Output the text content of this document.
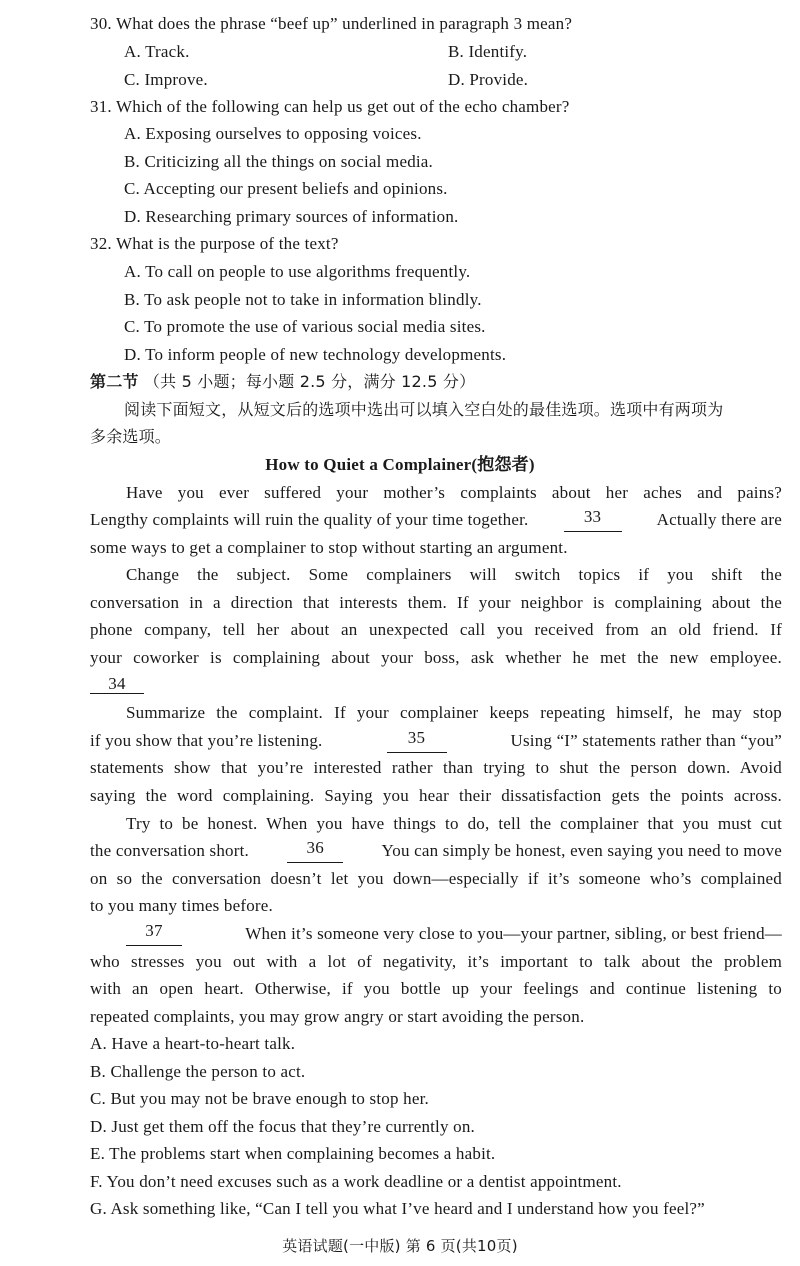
30. What does the phrase “beef up” underlined in paragraph 3 mean?
A. Track.	B. Identify.
C. Improve.	D. Provide.
31. Which of the following can help us get out of the echo chamber?
A. Exposing ourselves to opposing voices.
B. Criticizing all the things on social media.
C. Accepting our present beliefs and opinions.
D. Researching primary sources of information.
32. What is the purpose of the text?
A. To call on people to use algorithms frequently.
B. To ask people not to take in information blindly.
C. To promote the use of various social media sites.
D. To inform people of new technology developments.
第二节 （共 5 小题；每小题 2.5 分，满分 12.5 分）
阅读下面短文，从短文后的选项中选出可以填入空白处的最佳选项。选项中有两项为
多余选项。
How to Quiet a Complainer(抱怨者)
Have you ever suffered your mother’s complaints about her aches and pains?
Lengthy complaints will ruin the quality of your time together.	33	Actually there are
some ways to get a complainer to stop without starting an argument.
Change the subject. Some complainers will switch topics if you shift the
conversation in a direction that interests them. If your neighbor is complaining about the
phone company, tell her about an unexpected call you received from an old friend. If
your coworker is complaining about your boss, ask whether he met the new employee.
34
Summarize the complaint. If your complainer keeps repeating himself, he may stop
if you show that you’re listening.	35	Using “I” statements rather than “you”
statements show that you’re interested rather than trying to shut the person down. Avoid
saying the word complaining. Saying you hear their dissatisfaction gets the points across.
Try to be honest. When you have things to do, tell the complainer that you must cut
the conversation short.	36	You can simply be honest, even saying you need to move
on so the conversation doesn’t let you down—especially if it’s someone who’s complained
to you many times before.
37	When it’s someone very close to you—your partner, sibling, or best friend—
who stresses you out with a lot of negativity, it’s important to talk about the problem
with an open heart. Otherwise, if you bottle up your feelings and continue listening to
repeated complaints, you may grow angry or start avoiding the person.
A. Have a heart-to-heart talk.
B. Challenge the person to act.
C. But you may not be brave enough to stop her.
D. Just get them off the focus that they’re currently on.
E. The problems start when complaining becomes a habit.
F. You don’t need excuses such as a work deadline or a dentist appointment.
G. Ask something like, “Can I tell you what I’ve heard and I understand how you feel?”
英语试题(一中版) 第 6 页(共10页)
